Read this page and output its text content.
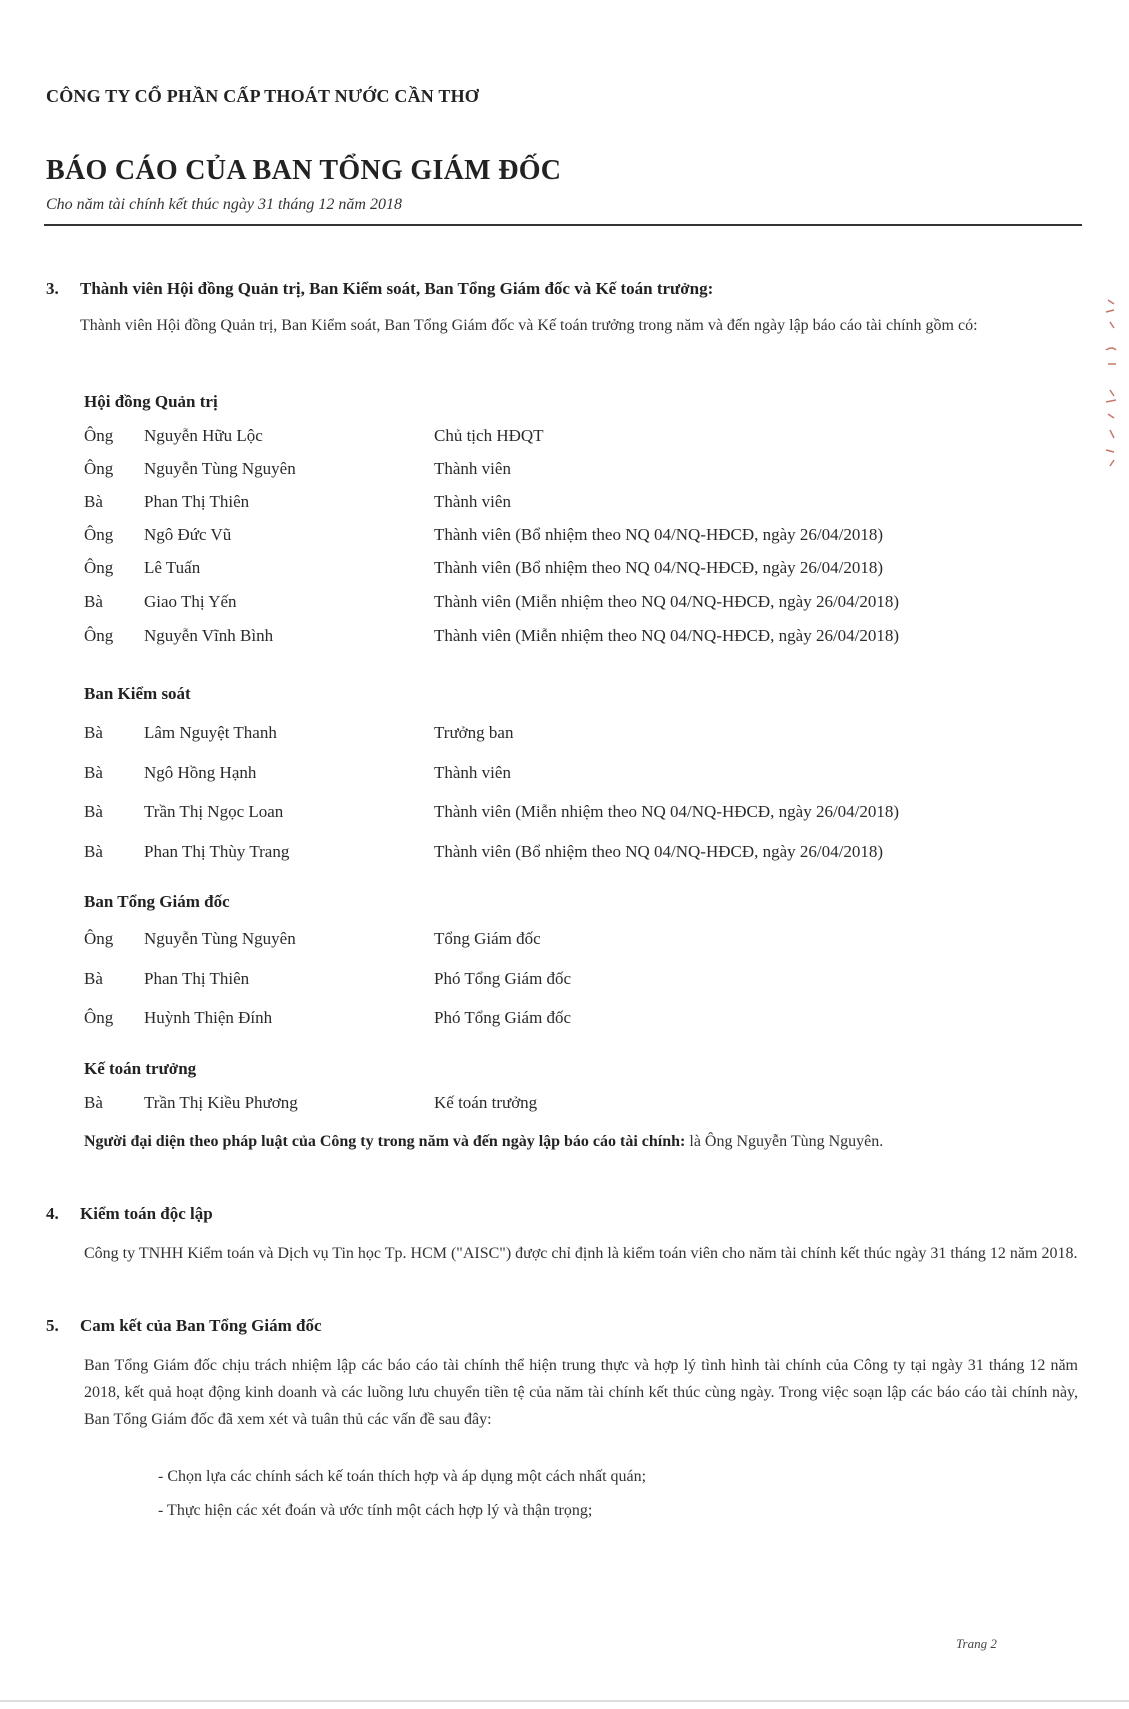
CÔNG TY CỔ PHẦN CẤP THOÁT NƯỚC CẦN THƠ
BÁO CÁO CỦA BAN TỔNG GIÁM ĐỐC
Cho năm tài chính kết thúc ngày 31 tháng 12 năm 2018
3. Thành viên Hội đồng Quản trị, Ban Kiểm soát, Ban Tổng Giám đốc và Kế toán trưởng:
Thành viên Hội đồng Quản trị, Ban Kiểm soát, Ban Tổng Giám đốc và Kế toán trưởng trong năm và đến ngày lập báo cáo tài chính gồm có:
Hội đồng Quản trị
Ông Nguyễn Hữu Lộc	Chủ tịch HĐQT
Ông Nguyễn Tùng Nguyên	Thành viên
Bà Phan Thị Thiên	Thành viên
Ông Ngô Đức Vũ	Thành viên (Bổ nhiệm theo NQ 04/NQ-HĐCĐ, ngày 26/04/2018)
Ông Lê Tuấn	Thành viên (Bổ nhiệm theo NQ 04/NQ-HĐCĐ, ngày 26/04/2018)
Bà Giao Thị Yến	Thành viên (Miễn nhiệm theo NQ 04/NQ-HĐCĐ, ngày 26/04/2018)
Ông Nguyễn Vĩnh Bình	Thành viên (Miễn nhiệm theo NQ 04/NQ-HĐCĐ, ngày 26/04/2018)
Ban Kiểm soát
Bà Lâm Nguyệt Thanh	Trưởng ban
Bà Ngô Hồng Hạnh	Thành viên
Bà Trần Thị Ngọc Loan	Thành viên (Miễn nhiệm theo NQ 04/NQ-HĐCĐ, ngày 26/04/2018)
Bà Phan Thị Thùy Trang	Thành viên (Bổ nhiệm theo NQ 04/NQ-HĐCĐ, ngày 26/04/2018)
Ban Tổng Giám đốc
Ông Nguyễn Tùng Nguyên	Tổng Giám đốc
Bà Phan Thị Thiên	Phó Tổng Giám đốc
Ông Huỳnh Thiện Đính	Phó Tổng Giám đốc
Kế toán trưởng
Bà Trần Thị Kiều Phương	Kế toán trưởng
Người đại diện theo pháp luật của Công ty trong năm và đến ngày lập báo cáo tài chính: là Ông Nguyễn Tùng Nguyên.
4. Kiểm toán độc lập
Công ty TNHH Kiểm toán và Dịch vụ Tin học Tp. HCM ("AISC") được chỉ định là kiểm toán viên cho năm tài chính kết thúc ngày 31 tháng 12 năm 2018.
5. Cam kết của Ban Tổng Giám đốc
Ban Tổng Giám đốc chịu trách nhiệm lập các báo cáo tài chính thể hiện trung thực và hợp lý tình hình tài chính của Công ty tại ngày 31 tháng 12 năm 2018, kết quả hoạt động kinh doanh và các luồng lưu chuyển tiền tệ của năm tài chính kết thúc cùng ngày. Trong việc soạn lập các báo cáo tài chính này, Ban Tổng Giám đốc đã xem xét và tuân thủ các vấn đề sau đây:
- Chọn lựa các chính sách kế toán thích hợp và áp dụng một cách nhất quán;
- Thực hiện các xét đoán và ước tính một cách hợp lý và thận trọng;
Trang 2
